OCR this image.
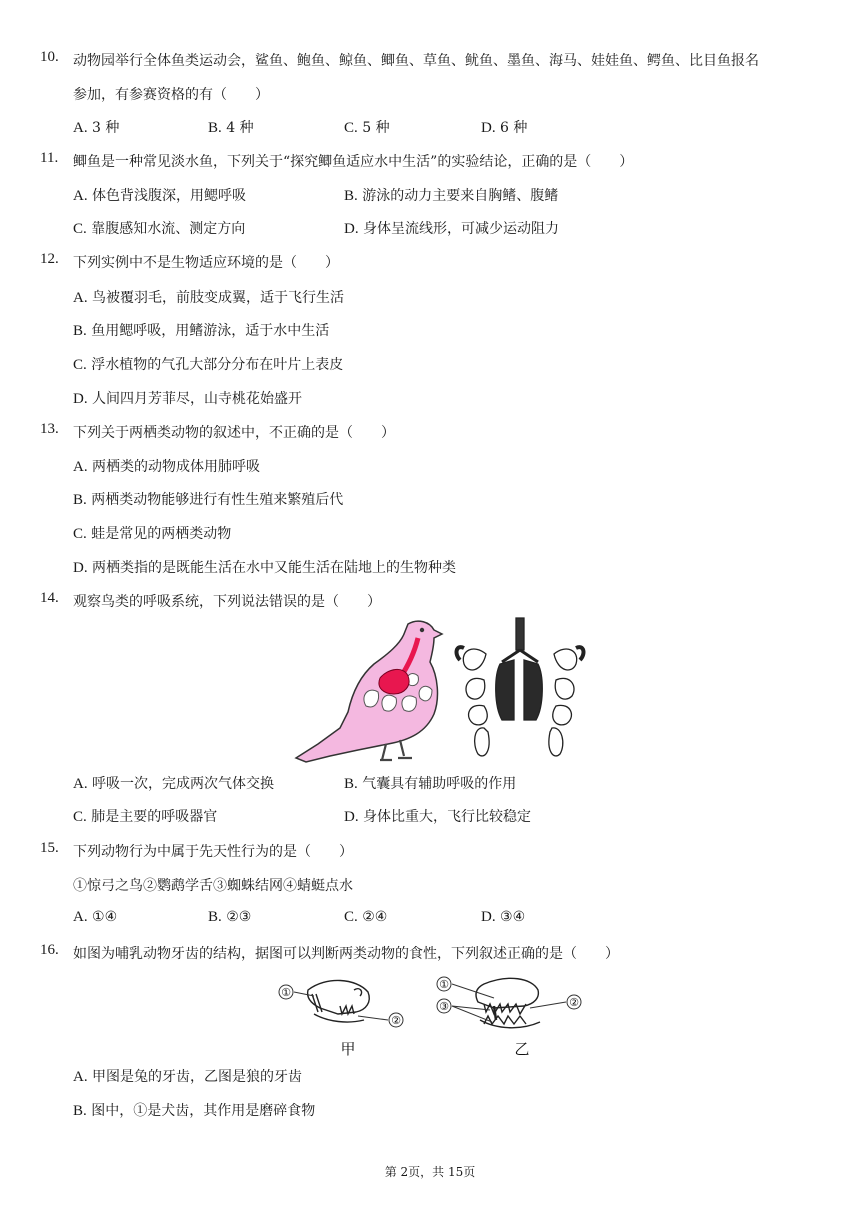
10. 动物园举行全体鱼类运动会，鲨鱼、鲍鱼、鲸鱼、鲫鱼、草鱼、鱿鱼、墨鱼、海马、娃娃鱼、鳄鱼、比目鱼报名
参加，有参赛资格的有（　　）
A. 3 种	B. 4 种	C. 5 种	D. 6 种
11. 鲫鱼是一种常见淡水鱼，下列关于“探究鲫鱼适应水中生活”的实验结论，正确的是（　　）
A. 体色背浅腹深，用鳃呼吸	B. 游泳的动力主要来自胸鳍、腹鳍
C. 靠腹感知水流、测定方向	D. 身体呈流线形，可减少运动阻力
12. 下列实例中不是生物适应环境的是（　　）
A. 鸟被覆羽毛，前肢变成翼，适于飞行生活
B. 鱼用鳃呼吸，用鳍游泳，适于水中生活
C. 浮水植物的气孔大部分分布在叶片上表皮
D. 人间四月芳菲尽，山寺桃花始盛开
13. 下列关于两栖类动物的叙述中，不正确的是（　　）
A. 两栖类的动物成体用肺呼吸
B. 两栖类动物能够进行有性生殖来繁殖后代
C. 蛙是常见的两栖类动物
D. 两栖类指的是既能生活在水中又能生活在陆地上的生物种类
14. 观察鸟类的呼吸系统，下列说法错误的是（　　）
A. 呼吸一次，完成两次气体交换	B. 气囊具有辅助呼吸的作用
C. 肺是主要的呼吸器官	D. 身体比重大，飞行比较稳定
15. 下列动物行为中属于先天性行为的是（　　）
①惊弓之鸟②鹦鹉学舌③蜘蛛结网④蜻蜓点水
A. ①④	B. ②③	C. ②④	D. ③④
16. 如图为哺乳动物牙齿的结构，据图可以判断两类动物的食性，下列叙述正确的是（　　）
①
②
①
③	②
甲	乙
A. 甲图是兔的牙齿，乙图是狼的牙齿
B. 图中，①是犬齿，其作用是磨碎食物
第 2页，共 15页
